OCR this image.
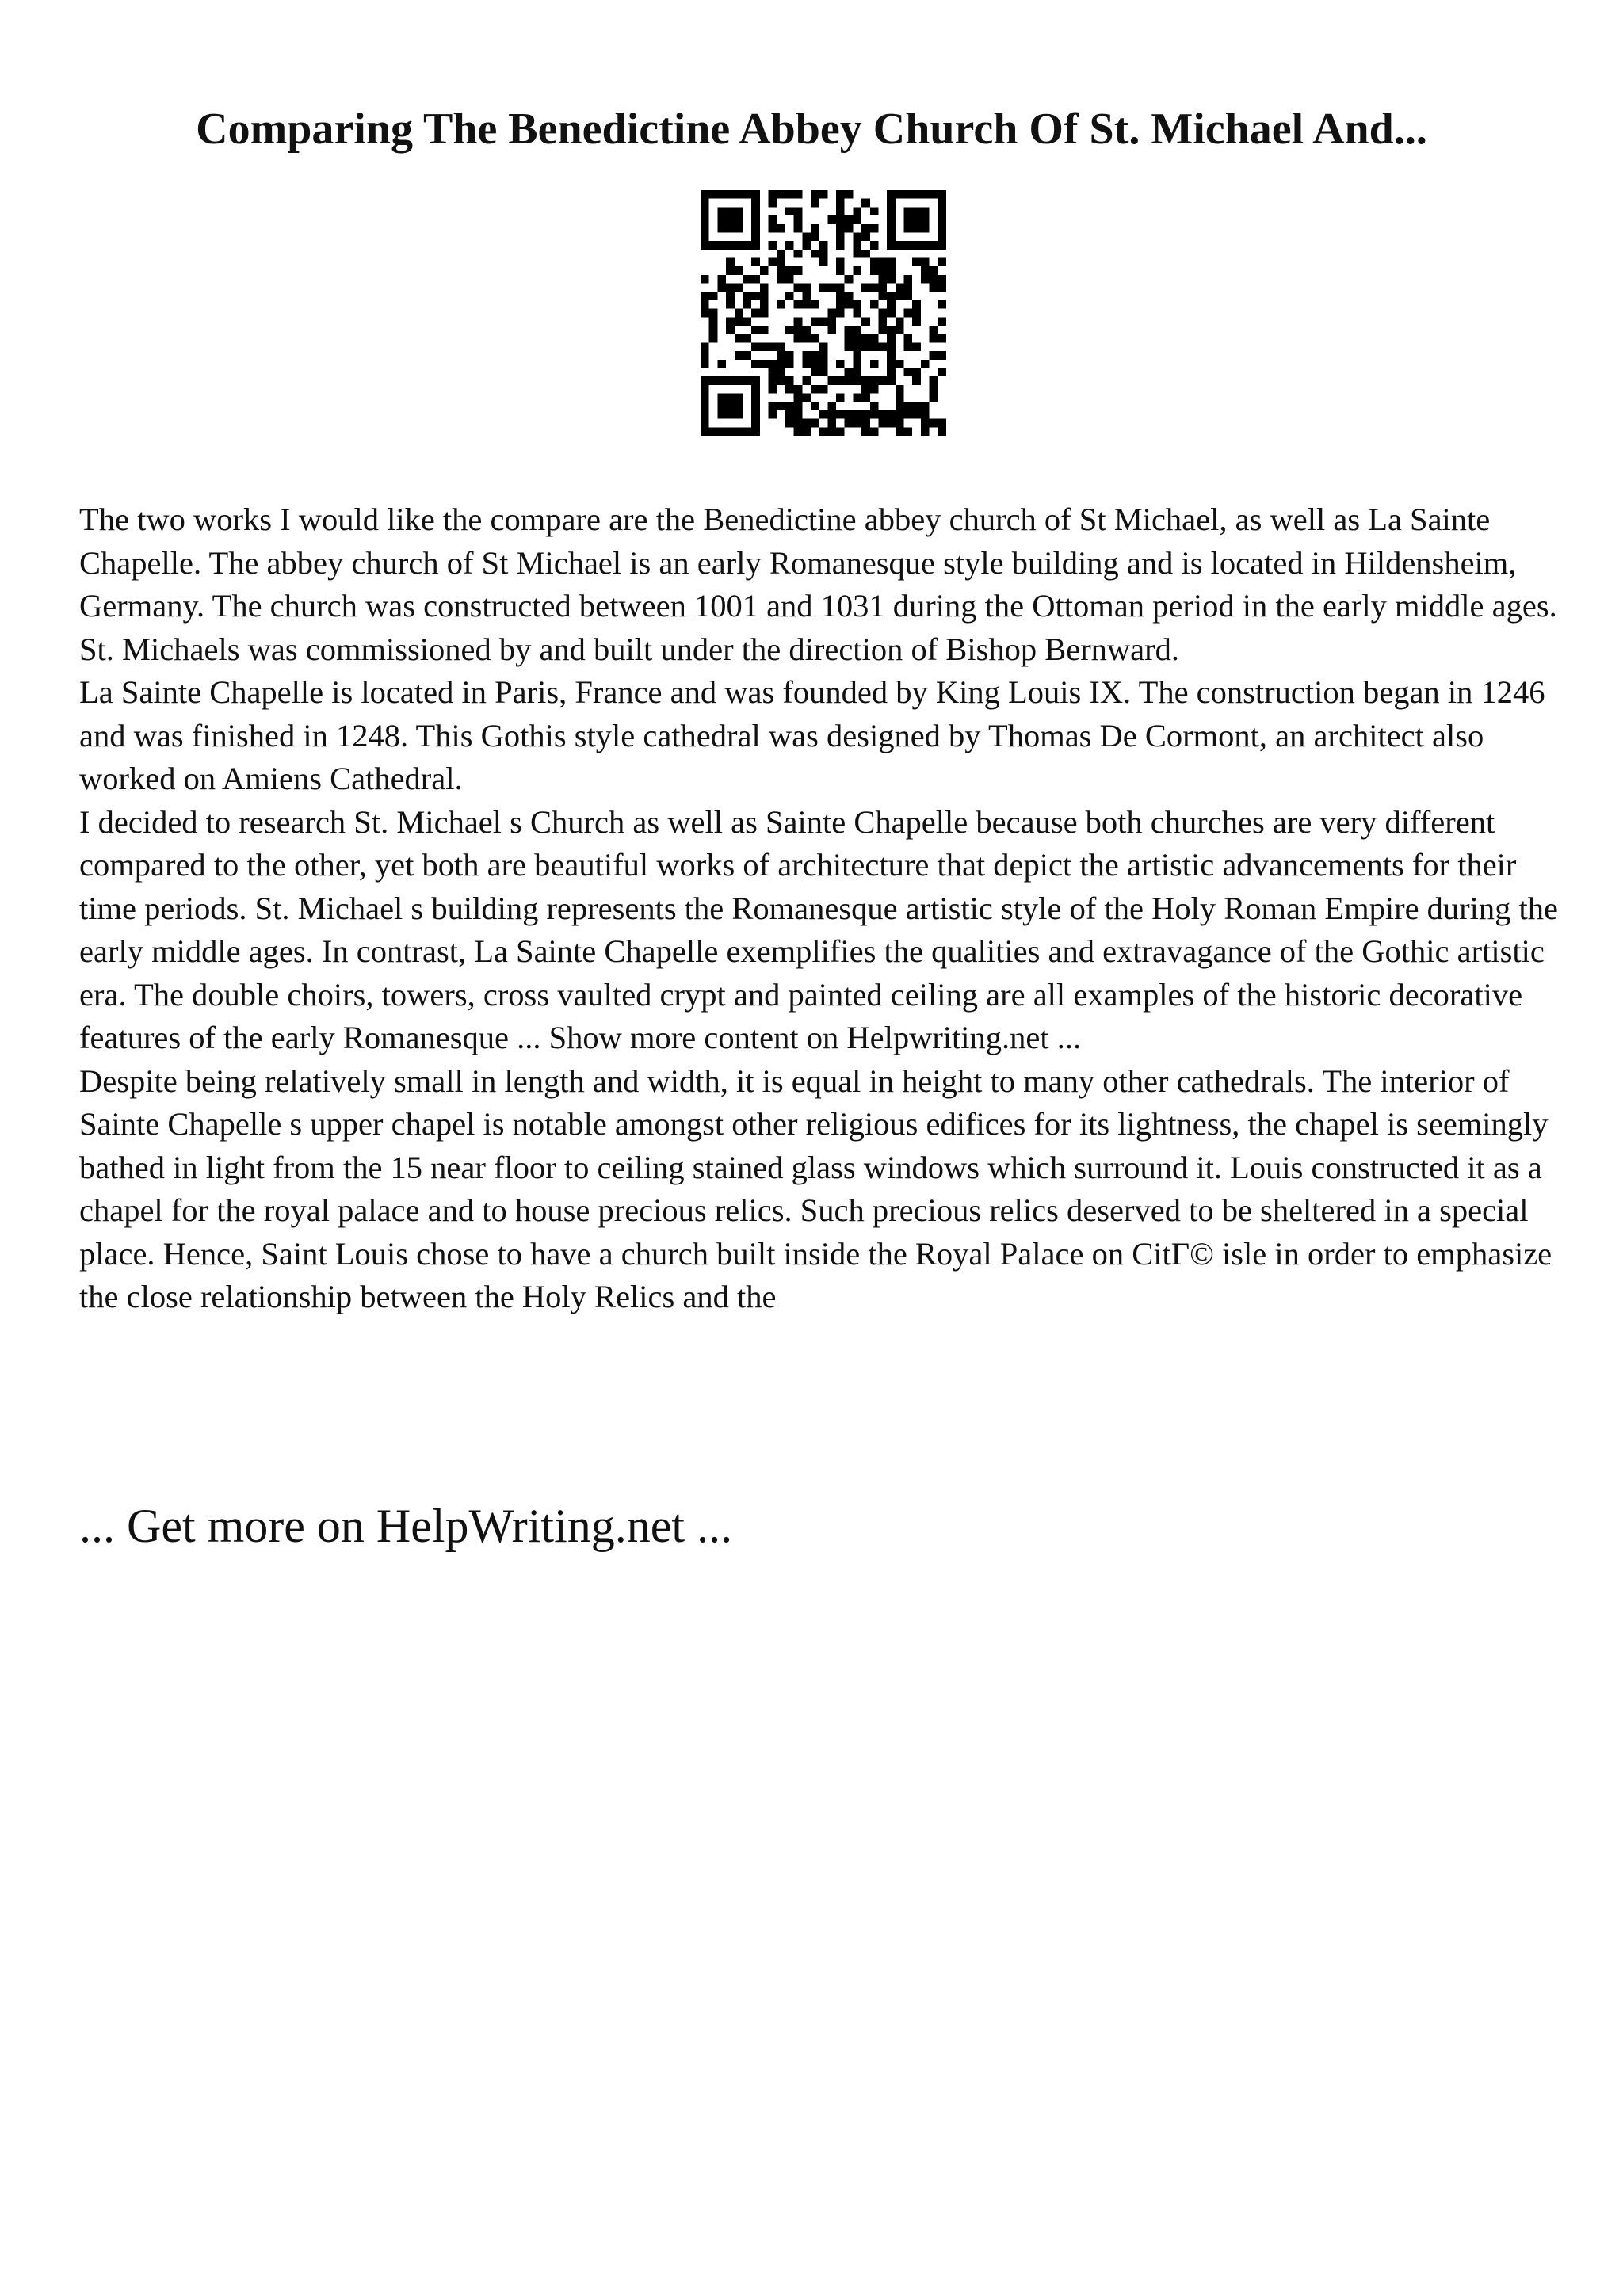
Comparing The Benedictine Abbey Church Of St. Michael And...

The two works I would like the compare are the Benedictine abbey church of St Michael, as well as La Sainte Chapelle. The abbey church of St Michael is an early Romanesque style building and is located in Hildensheim, Germany. The church was constructed between 1001 and 1031 during the Ottoman period in the early middle ages. St. Michaels was commissioned by and built under the direction of Bishop Bernward.

La Sainte Chapelle is located in Paris, France and was founded by King Louis IX. The construction began in 1246 and was finished in 1248. This Gothis style cathedral was designed by Thomas De Cormont, an architect also worked on Amiens Cathedral.

I decided to research St. Michael s Church as well as Sainte Chapelle because both churches are very different compared to the other, yet both are beautiful works of architecture that depict the artistic advancements for their time periods. St. Michael s building represents the Romanesque artistic style of the Holy Roman Empire during the early middle ages. In contrast, La Sainte Chapelle exemplifies the qualities and extravagance of the Gothic artistic era. The double choirs, towers, cross vaulted crypt and painted ceiling are all examples of the historic decorative features of the early Romanesque ... Show more content on Helpwriting.net ...

Despite being relatively small in length and width, it is equal in height to many other cathedrals. The interior of Sainte Chapelle s upper chapel is notable amongst other religious edifices for its lightness, the chapel is seemingly bathed in light from the 15 near floor to ceiling stained glass windows which surround it. Louis constructed it as a chapel for the royal palace and to house precious relics. Such precious relics deserved to be sheltered in a special place. Hence, Saint Louis chose to have a church built inside the Royal Palace on CitГ© isle in order to emphasize the close relationship between the Holy Relics and the

... Get more on HelpWriting.net ...
